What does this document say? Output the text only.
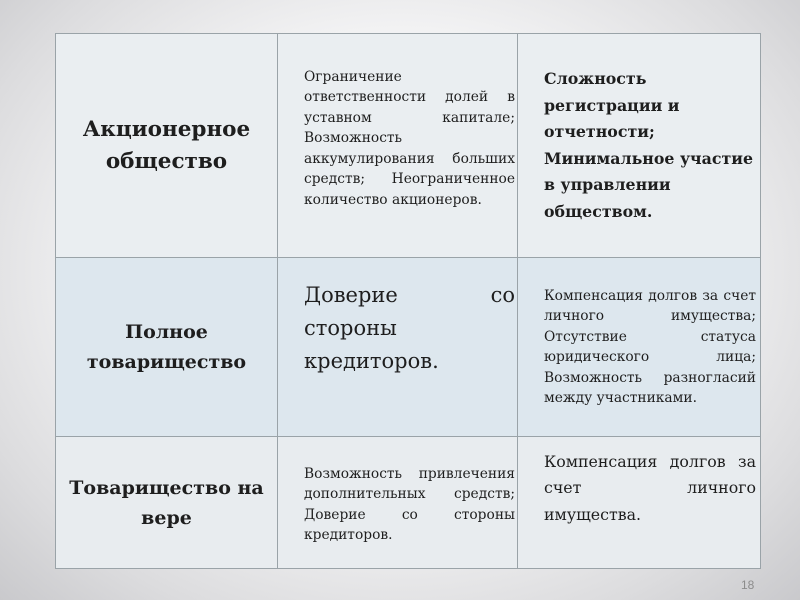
Акционерное общество	Ограничение ответственности долей в уставном капитале; Возможность аккумулирования больших средств; Неограниченное количество акционеров.	Сложность регистрации и отчетности; Минимальное участие в управлении обществом.

Полное товарищество	Доверие со стороны кредиторов.	Компенсация долгов за счет личного имущества; Отсутствие статуса юридического лица; Возможность разногласий между участниками.

Товарищество на вере	Возможность привлечения дополнительных средств; Доверие со стороны кредиторов.	Компенсация долгов за счет личного имущества.
18
